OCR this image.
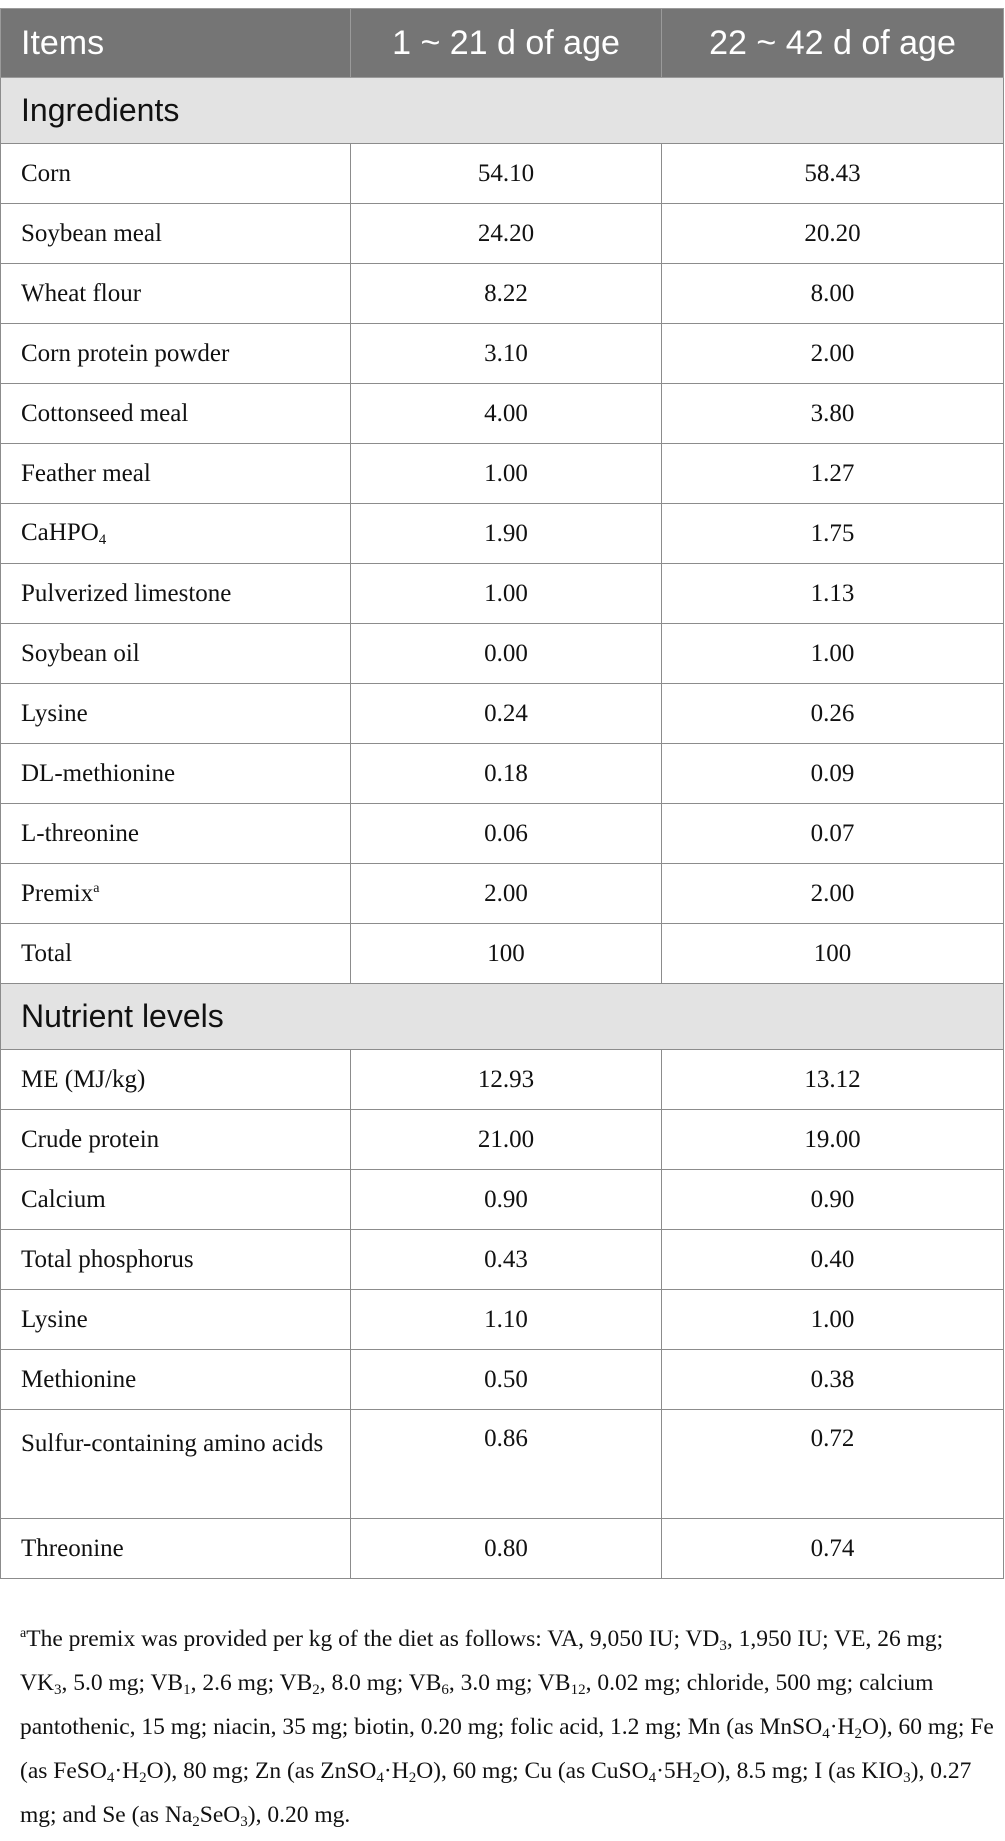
Items	1 ~ 21 d of age	22 ~ 42 d of age
Ingredients		
Corn	54.10	58.43
Soybean meal	24.20	20.20
Wheat flour	8.22	8.00
Corn protein powder	3.10	2.00
Cottonseed meal	4.00	3.80
Feather meal	1.00	1.27
CaHPO$_4$	1.90	1.75
Pulverized limestone	1.00	1.13
Soybean oil	0.00	1.00
Lysine	0.24	0.26
DL-methionine	0.18	0.09
L-threonine	0.06	0.07
Premix$^a$	2.00	2.00
Total	100	100
Nutrient levels		
ME (MJ/kg)	12.93	13.12
Crude protein	21.00	19.00
Calcium	0.90	0.90
Total phosphorus	0.43	0.40
Lysine	1.10	1.00
Methionine	0.50	0.38
Sulfur-containing amino acids	0.86	0.72
Threonine	0.80	0.74
$^a$The premix was provided per kg of the diet as follows: VA, 9,050 IU; $VD_3$, 1,950 IU; VE, 26 mg; $VK_3$, 5.0 mg; $VB_1$, 2.6 mg; $VB_2$, 8.0 mg; $VB_6$, 3.0 mg; $VB_{12}$, 0.02 mg; chloride, 500 mg; calcium pantothenic, 15 mg; niacin, 35 mg; biotin, 0.20 mg; folic acid, 1.2 mg; Mn (as $MnSO_4\cdot H_2O$), 60 mg; Fe (as $FeSO_4\cdot H_2O$), 80 mg; Zn (as $ZnSO_4\cdot H_2O$), 60 mg; Cu (as $CuSO_4\cdot 5H_2O$), 8.5 mg; I (as $KIO_3$), 0.27 mg; and Se (as $Na_2SeO_3$), 0.20 mg.
